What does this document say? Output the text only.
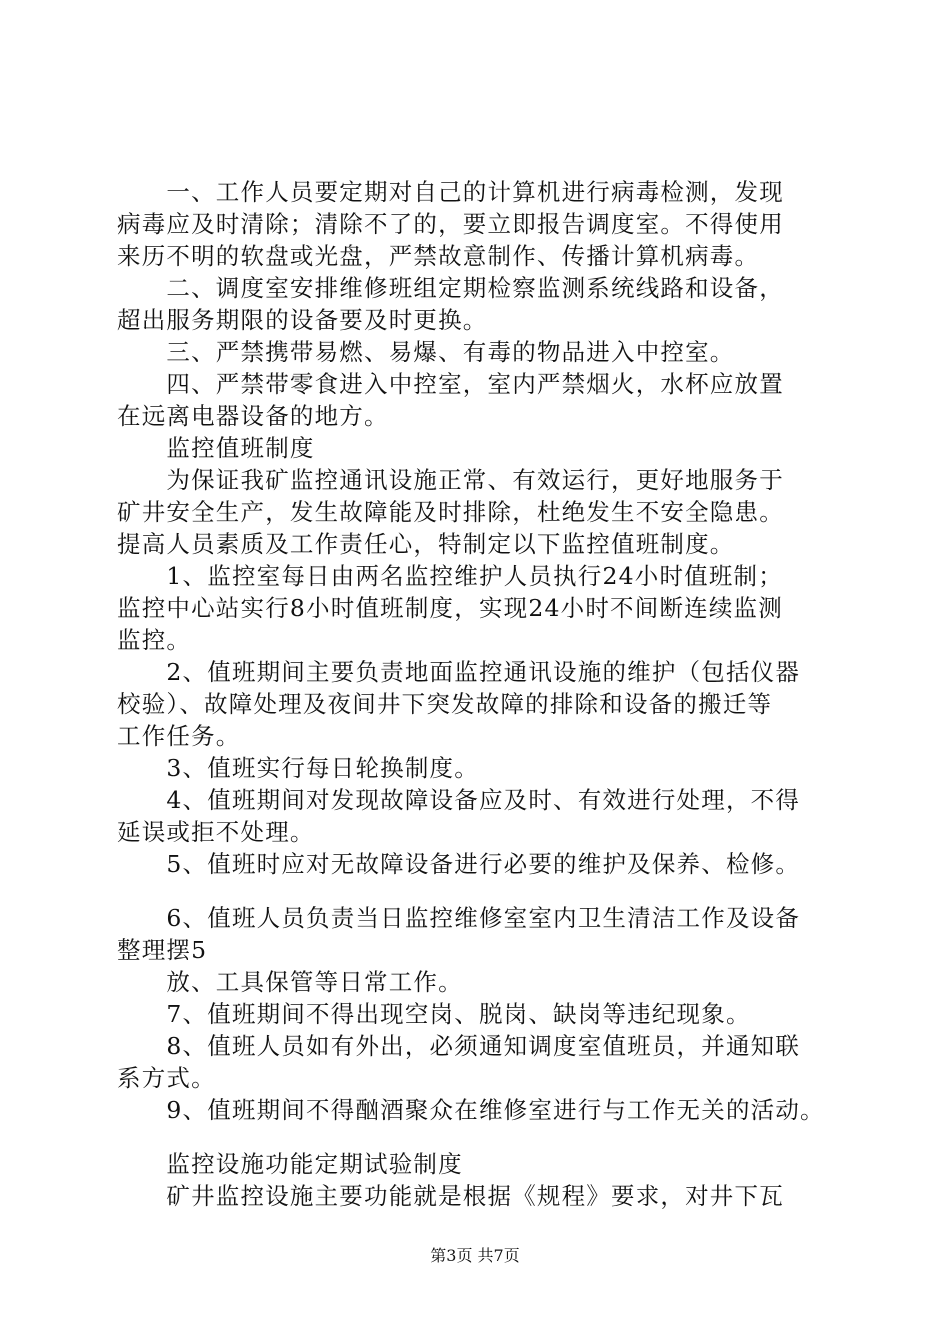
　　一、工作人员要定期对自己的计算机进行病毒检测，发现
病毒应及时清除；清除不了的，要立即报告调度室。不得使用
来历不明的软盘或光盘，严禁故意制作、传播计算机病毒。
　　二、调度室安排维修班组定期检察监测系统线路和设备，
超出服务期限的设备要及时更换。
　　三、严禁携带易燃、易爆、有毒的物品进入中控室。
　　四、严禁带零食进入中控室，室内严禁烟火，水杯应放置
在远离电器设备的地方。
　　监控值班制度
　　为保证我矿监控通讯设施正常、有效运行，更好地服务于
矿井安全生产，发生故障能及时排除，杜绝发生不安全隐患。
提高人员素质及工作责任心，特制定以下监控值班制度。
　　1、监控室每日由两名监控维护人员执行24小时值班制；
监控中心站实行8小时值班制度，实现24小时不间断连续监测
监控。
　　2、值班期间主要负责地面监控通讯设施的维护（包括仪器
校验）、故障处理及夜间井下突发故障的排除和设备的搬迁等
工作任务。
　　3、值班实行每日轮换制度。
　　4、值班期间对发现故障设备应及时、有效进行处理，不得
延误或拒不处理。
　　5、值班时应对无故障设备进行必要的维护及保养、检修。
　　6、值班人员负责当日监控维修室室内卫生清洁工作及设备
整理摆5
　　放、工具保管等日常工作。
　　7、值班期间不得出现空岗、脱岗、缺岗等违纪现象。
　　8、值班人员如有外出，必须通知调度室值班员，并通知联
系方式。
　　9、值班期间不得酗酒聚众在维修室进行与工作无关的活动。
　　监控设施功能定期试验制度
　　矿井监控设施主要功能就是根据《规程》要求，对井下瓦
第3页 共7页
